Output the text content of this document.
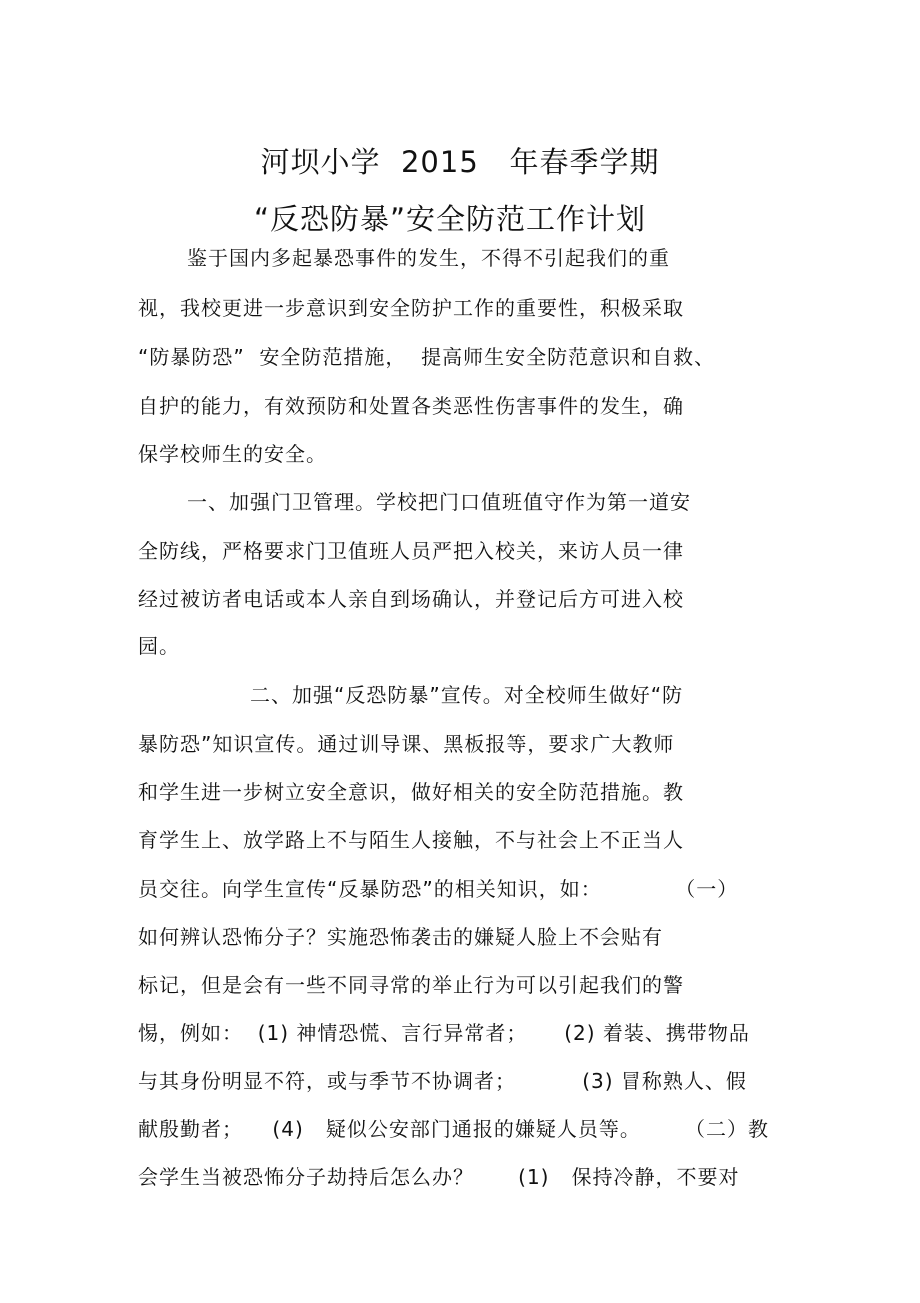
河坝小学  2015   年春季学期
“反恐防暴”安全防范工作计划
鉴于国内多起暴恐事件的发生，不得不引起我们的重
视，我校更进一步意识到安全防护工作的重要性，积极采取
“防暴防恐”  安全防范措施，  提高师生安全防范意识和自救、
自护的能力，有效预防和处置各类恶性伤害事件的发生，确
保学校师生的安全。
一、加强门卫管理。学校把门口值班值守作为第一道安
全防线，严格要求门卫值班人员严把入校关，来访人员一律
经过被访者电话或本人亲自到场确认，并登记后方可进入校
园。
二、加强“反恐防暴”宣传。对全校师生做好“防
暴防恐”知识宣传。通过训导课、黑板报等，要求广大教师
和学生进一步树立安全意识，做好相关的安全防范措施。教
育学生上、放学路上不与陌生人接触，不与社会上不正当人
员交往。向学生宣传“反暴防恐”的相关知识，如：          （一）
如何辨认恐怖分子？实施恐怖袭击的嫌疑人脸上不会贴有
标记，但是会有一些不同寻常的举止行为可以引起我们的警
惕，例如：  (1) 神情恐慌、言行异常者；     (2) 着装、携带物品
与其身份明显不符，或与季节不协调者；         (3) 冒称熟人、假
献殷勤者；    (4)   疑似公安部门通报的嫌疑人员等。      （二）教
会学生当被恐怖分子劫持后怎么办？      (1)   保持冷静，不要对
